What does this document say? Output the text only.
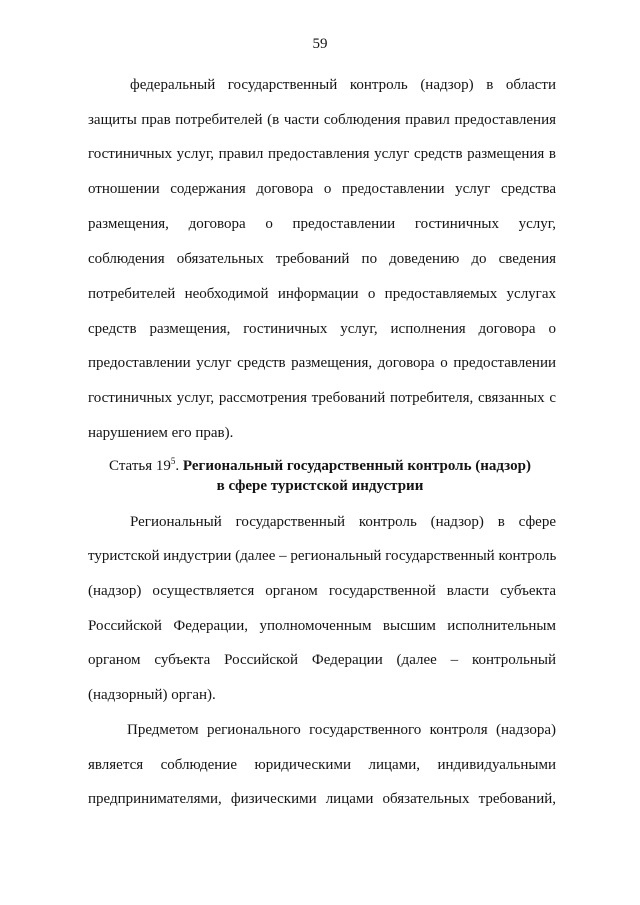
59
федеральный государственный контроль (надзор) в области
защиты прав потребителей (в части соблюдения правил предоставления
гостиничных услуг, правил предоставления услуг средств размещения в
отношении содержания договора о предоставлении услуг средства
размещения, договора о предоставлении гостиничных услуг,
соблюдения обязательных требований по доведению до сведения
потребителей необходимой информации о предоставляемых услугах
средств размещения, гостиничных услуг, исполнения договора о
предоставлении услуг средств размещения, договора о предоставлении
гостиничных услуг, рассмотрения требований потребителя, связанных с
нарушением его прав).
Статья $19^5$. Региональный государственный контроль (надзор)
в сфере туристской индустрии
Региональный государственный контроль (надзор) в сфере
туристской индустрии (далее – региональный государственный контроль
(надзор) осуществляется органом государственной власти субъекта
Российской Федерации, уполномоченным высшим исполнительным
органом субъекта Российской Федерации (далее – контрольный
(надзорный) орган).
Предметом регионального государственного контроля (надзора)
является соблюдение юридическими лицами, индивидуальными
предпринимателями, физическими лицами обязательных требований,
